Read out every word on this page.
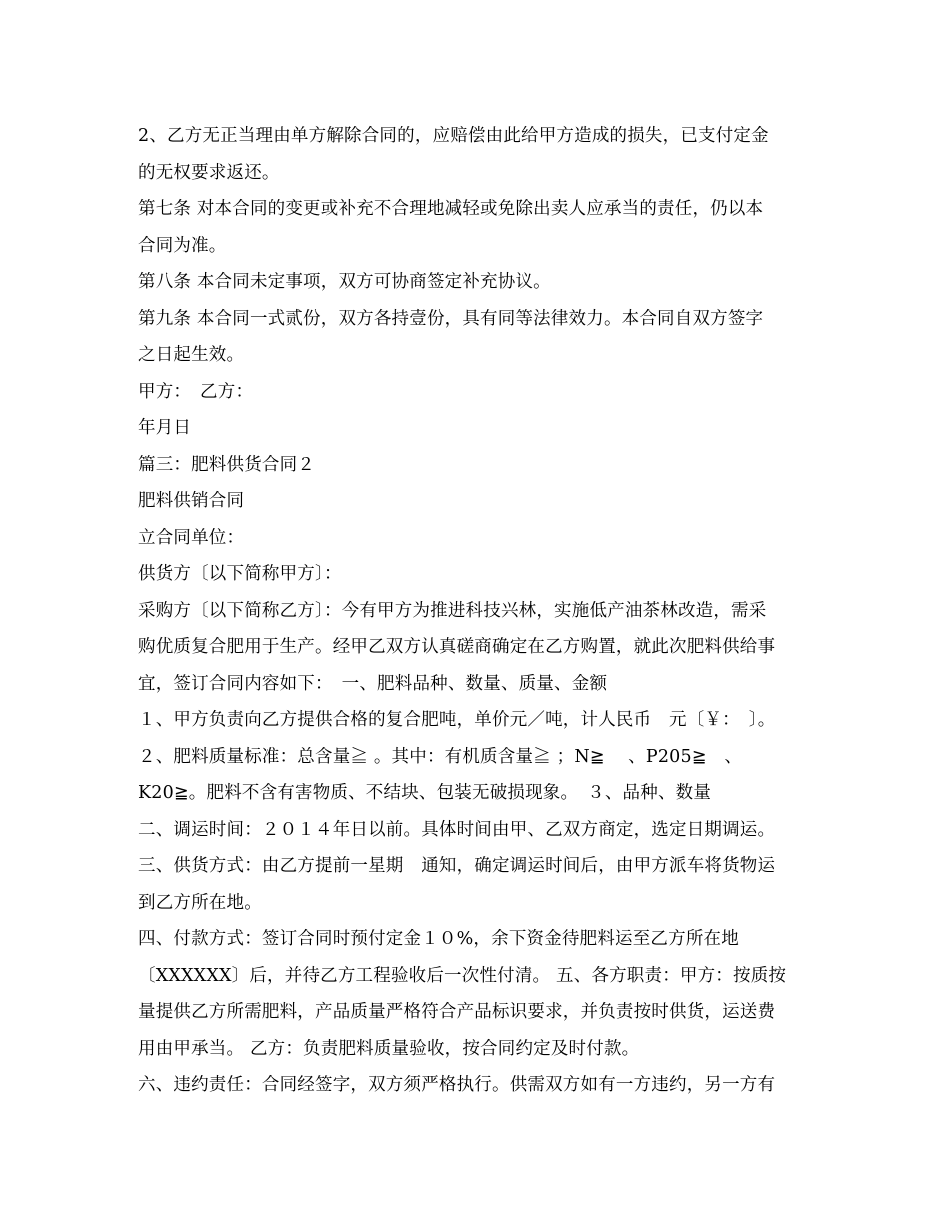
2、乙方无正当理由单方解除合同的，应赔偿由此给甲方造成的损失，已支付定金
的无权要求返还。
第七条 对本合同的变更或补充不合理地减轻或免除出卖人应承当的责任，仍以本
合同为准。
第八条 本合同未定事项，双方可协商签定补充协议。
第九条 本合同一式贰份，双方各持壹份，具有同等法律效力。本合同自双方签字
之日起生效。
甲方：　乙方：
年月日
篇三：肥料供货合同２
肥料供销合同
立合同单位：
供货方〔以下简称甲方〕：
采购方〔以下简称乙方〕：今有甲方为推进科技兴林，实施低产油茶林改造，需采
购优质复合肥用于生产。经甲乙双方认真磋商确定在乙方购置，就此次肥料供给事
宜，签订合同内容如下：　一、肥料品种、数量、质量、金额
１、甲方负责向乙方提供合格的复合肥吨，单价元／吨，计人民币　元〔￥：　〕。
２、肥料质量标准：总含量≧ 。其中：有机质含量≧ ；N≧　 、P205≧　、
K20≧。肥料不含有害物质、不结块、包装无破损现象。　３、品种、数量
二、调运时间：２０１４年日以前。具体时间由甲、乙双方商定，选定日期调运。
三、供货方式：由乙方提前一星期　通知，确定调运时间后，由甲方派车将货物运
到乙方所在地。
四、付款方式：签订合同时预付定金１０%，余下资金待肥料运至乙方所在地
〔XXXXXX〕后，并待乙方工程验收后一次性付清。 五、各方职责：甲方：按质按
量提供乙方所需肥料，产品质量严格符合产品标识要求，并负责按时供货，运送费
用由甲承当。 乙方：负责肥料质量验收，按合同约定及时付款。
六、违约责任：合同经签字，双方须严格执行。供需双方如有一方违约，另一方有
